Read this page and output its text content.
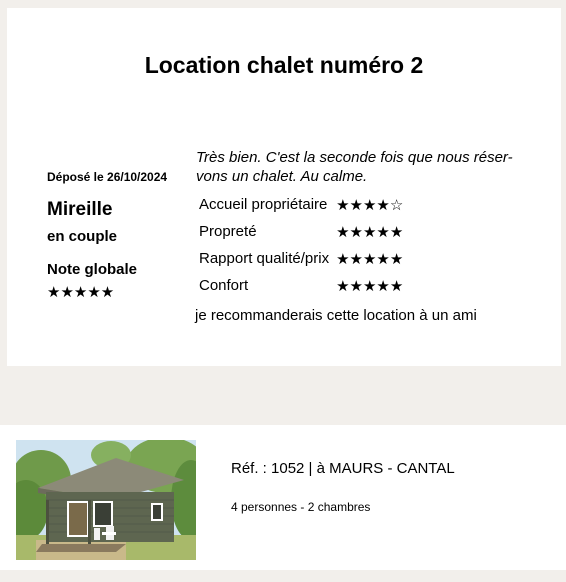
Location chalet numéro 2
Déposé le 26/10/2024
Mireille
en couple
Note globale
★★★★★
Très bien. C'est la seconde fois que nous réser-vons un chalet. Au calme.
Accueil propriétaire	★★★★☆
Propreté	★★★★★
Rapport qualité/prix	★★★★★
Confort	★★★★★
je recommanderais cette location à un ami
Réf. : 1052 | à MAURS - CANTAL
4 personnes - 2 chambres
